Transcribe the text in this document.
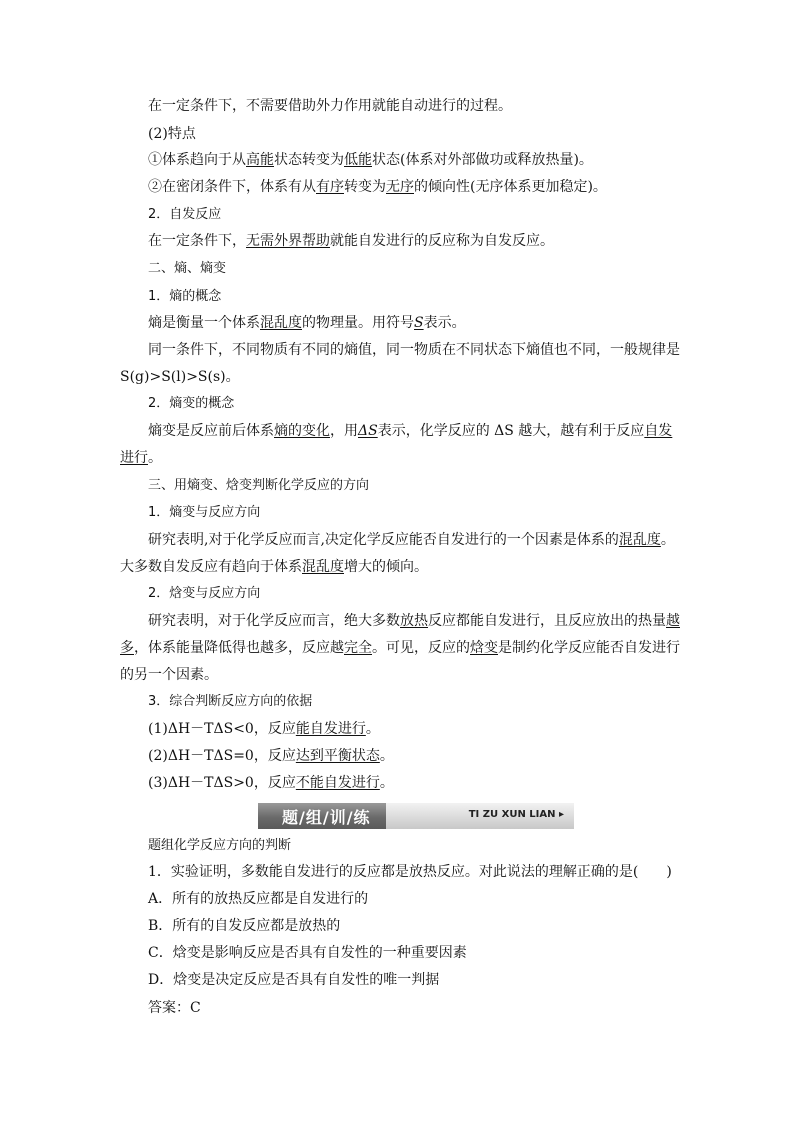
在一定条件下，不需要借助外力作用就能自动进行的过程。
(2)特点
①体系趋向于从高能状态转变为低能状态(体系对外部做功或释放热量)。
②在密闭条件下，体系有从有序转变为无序的倾向性(无序体系更加稳定)。
2．自发反应
在一定条件下，无需外界帮助就能自发进行的反应称为自发反应。
二、熵、熵变
1．熵的概念
熵是衡量一个体系混乱度的物理量。用符号S表示。
同一条件下，不同物质有不同的熵值，同一物质在不同状态下熵值也不同，一般规律是
S(g)>S(l)>S(s)。
2．熵变的概念
熵变是反应前后体系熵的变化，用ΔS表示，化学反应的 ΔS 越大，越有利于反应自发
进行。
三、用熵变、焓变判断化学反应的方向
1．熵变与反应方向
研究表明,对于化学反应而言,决定化学反应能否自发进行的一个因素是体系的混乱度。
大多数自发反应有趋向于体系混乱度增大的倾向。
2．焓变与反应方向
研究表明，对于化学反应而言，绝大多数放热反应都能自发进行，且反应放出的热量越
多，体系能量降低得也越多，反应越完全。可见，反应的焓变是制约化学反应能否自发进行
的另一个因素。
3．综合判断反应方向的依据
(1)ΔH－TΔS<0，反应能自发进行。
(2)ΔH－TΔS=0，反应达到平衡状态。
(3)ΔH－TΔS>0，反应不能自发进行。
题/组/训/练	TI ZU XUN LIAN ▸
题组化学反应方向的判断
1．实验证明，多数能自发进行的反应都是放热反应。对此说法的理解正确的是(　　)
A．所有的放热反应都是自发进行的
B．所有的自发反应都是放热的
C．焓变是影响反应是否具有自发性的一种重要因素
D．焓变是决定反应是否具有自发性的唯一判据
答案：C
